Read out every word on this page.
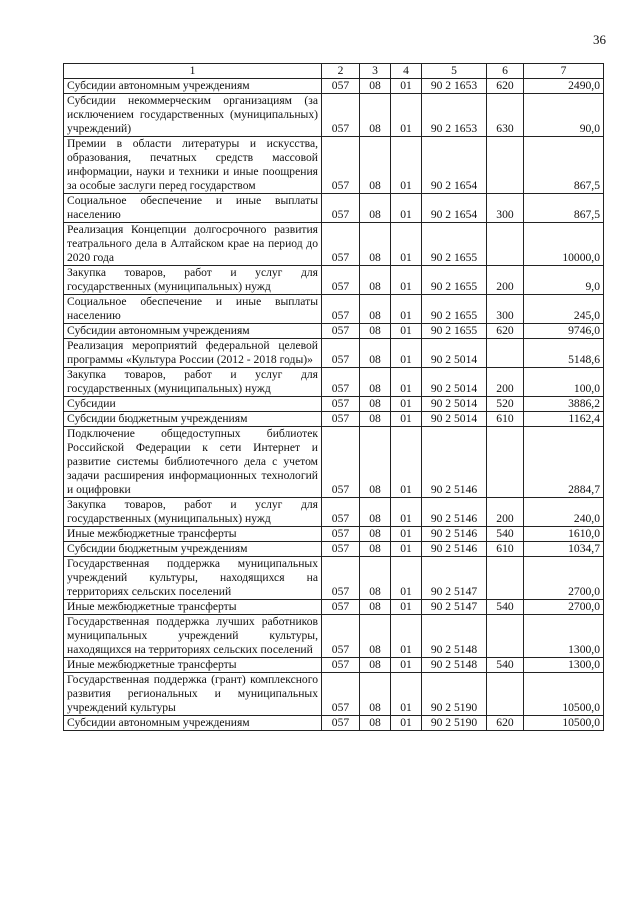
36
1	2	3	4	5	6	7
Субсидии автономным учреждениям	057	08	01	90 2 1653	620	2490,0
Субсидии некоммерческим организациям (за исключением государственных (муниципальных) учреждений)	057	08	01	90 2 1653	630	90,0
Премии в области литературы и искусства, образования, печатных средств массовой информации, науки и техники и иные поощрения за особые заслуги перед государством	057	08	01	90 2 1654		867,5
Социальное обеспечение и иные выплаты населению	057	08	01	90 2 1654	300	867,5
Реализация Концепции долгосрочного развития театрального дела в Алтайском крае на период до 2020 года	057	08	01	90 2 1655		10000,0
Закупка товаров, работ и услуг для государственных (муниципальных) нужд	057	08	01	90 2 1655	200	9,0
Социальное обеспечение и иные выплаты населению	057	08	01	90 2 1655	300	245,0
Субсидии автономным учреждениям	057	08	01	90 2 1655	620	9746,0
Реализация мероприятий федеральной целевой программы «Культура России (2012 - 2018 годы)»	057	08	01	90 2 5014		5148,6
Закупка товаров, работ и услуг для государственных (муниципальных) нужд	057	08	01	90 2 5014	200	100,0
Субсидии	057	08	01	90 2 5014	520	3886,2
Субсидии бюджетным учреждениям	057	08	01	90 2 5014	610	1162,4
Подключение общедоступных библиотек Российской Федерации к сети Интернет и развитие системы библиотечного дела с учетом задачи расширения информационных технологий и оцифровки	057	08	01	90 2 5146		2884,7
Закупка товаров, работ и услуг для государственных (муниципальных) нужд	057	08	01	90 2 5146	200	240,0
Иные межбюджетные трансферты	057	08	01	90 2 5146	540	1610,0
Субсидии бюджетным учреждениям	057	08	01	90 2 5146	610	1034,7
Государственная поддержка муниципальных учреждений культуры, находящихся на территориях сельских поселений	057	08	01	90 2 5147		2700,0
Иные межбюджетные трансферты	057	08	01	90 2 5147	540	2700,0
Государственная поддержка лучших работников муниципальных учреждений культуры, находящихся на территориях сельских поселений	057	08	01	90 2 5148		1300,0
Иные межбюджетные трансферты	057	08	01	90 2 5148	540	1300,0
Государственная поддержка (грант) комплексного развития региональных и муниципальных учреждений культуры	057	08	01	90 2 5190		10500,0
Субсидии автономным учреждениям	057	08	01	90 2 5190	620	10500,0
